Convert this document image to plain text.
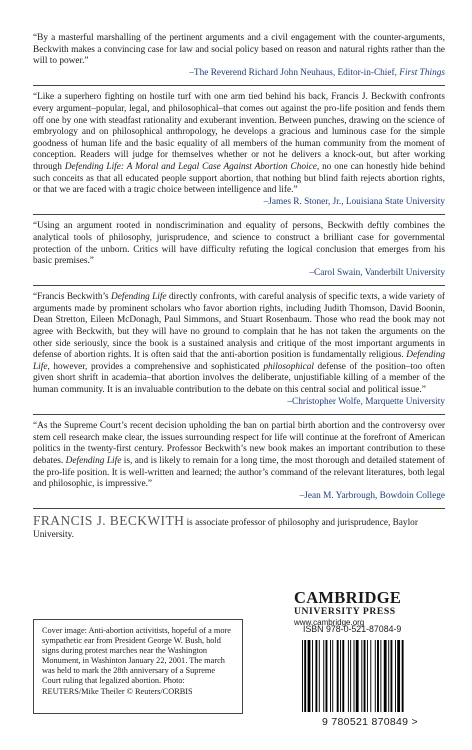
“By a masterful marshalling of the pertinent arguments and a civil engagement with the counter-arguments, Beckwith makes a convincing case for law and social policy based on reason and natural rights rather than the will to power.”

–The Reverend Richard John Neuhaus, Editor-in-Chief, First Things

“Like a superhero fighting on hostile turf with one arm tied behind his back, Francis J. Beckwith confronts every argument–popular, legal, and philosophical–that comes out against the pro-life position and fends them off one by one with steadfast rationality and exuberant invention. Between punches, drawing on the science of embryology and on philosophical anthropology, he develops a gracious and luminous case for the simple goodness of human life and the basic equality of all members of the human community from the moment of conception. Readers will judge for themselves whether or not he delivers a knock-out, but after working through Defending Life: A Moral and Legal Case Against Abortion Choice, no one can honestly hide behind such conceits as that all educated people support abortion, that nothing but blind faith rejects abortion rights, or that we are faced with a tragic choice between intelligence and life.”

–James R. Stoner, Jr., Louisiana State University

“Using an argument rooted in nondiscrimination and equality of persons, Beckwith deftly combines the analytical tools of philosophy, jurisprudence, and science to construct a brilliant case for governmental protection of the unborn. Critics will have difficulty refuting the logical conclusion that emerges from his basic premises.”

–Carol Swain, Vanderbilt University

“Francis Beckwith’s Defending Life directly confronts, with careful analysis of specific texts, a wide variety of arguments made by prominent scholars who favor abortion rights, including Judith Thomson, David Boonin, Dean Stretton, Eileen McDonagh, Paul Simmons, and Stuart Rosenbaum. Those who read the book may not agree with Beckwith, but they will have no ground to complain that he has not taken the arguments on the other side seriously, since the book is a sustained analysis and critique of the most important arguments in defense of abortion rights. It is often said that the anti-abortion position is fundamentally religious. Defending Life, however, provides a comprehensive and sophisticated philosophical defense of the position–too often given short shrift in academia–that abortion involves the deliberate, unjustifiable killing of a member of the human community. It is an invaluable contribution to the debate on this central social and political issue.”

–Christopher Wolfe, Marquette University

“As the Supreme Court’s recent decision upholding the ban on partial birth abortion and the controversy over stem cell research make clear, the issues surrounding respect for life will continue at the forefront of American politics in the twenty-first century. Professor Beckwith’s new book makes an important contribution to these debates. Defending Life is, and is likely to remain for a long time, the most thorough and detailed statement of the pro-life position. It is well-written and learned; the author’s command of the relevant literatures, both legal and philosophic, is impressive.”

–Jean M. Yarbrough, Bowdoin College

FRANCIS J. BECKWITH is associate professor of philosophy and jurisprudence, Baylor University.
Cover image: Anti-abortion activitists, hopeful of a more sympathetic ear from President George W. Bush, hold signs during protest marches near the Washington Monument, in Washinton January 22, 2001. The march was held to mark the 28th anniversary of a Supreme Court ruling that legalized abortion. Photo: REUTERS/Mike Theiler © Reuters/CORBIS
CAMBRIDGE
UNIVERSITY PRESS
www.cambridge.org
ISBN 978-0-521-87084-9
9 780521 870849 >
